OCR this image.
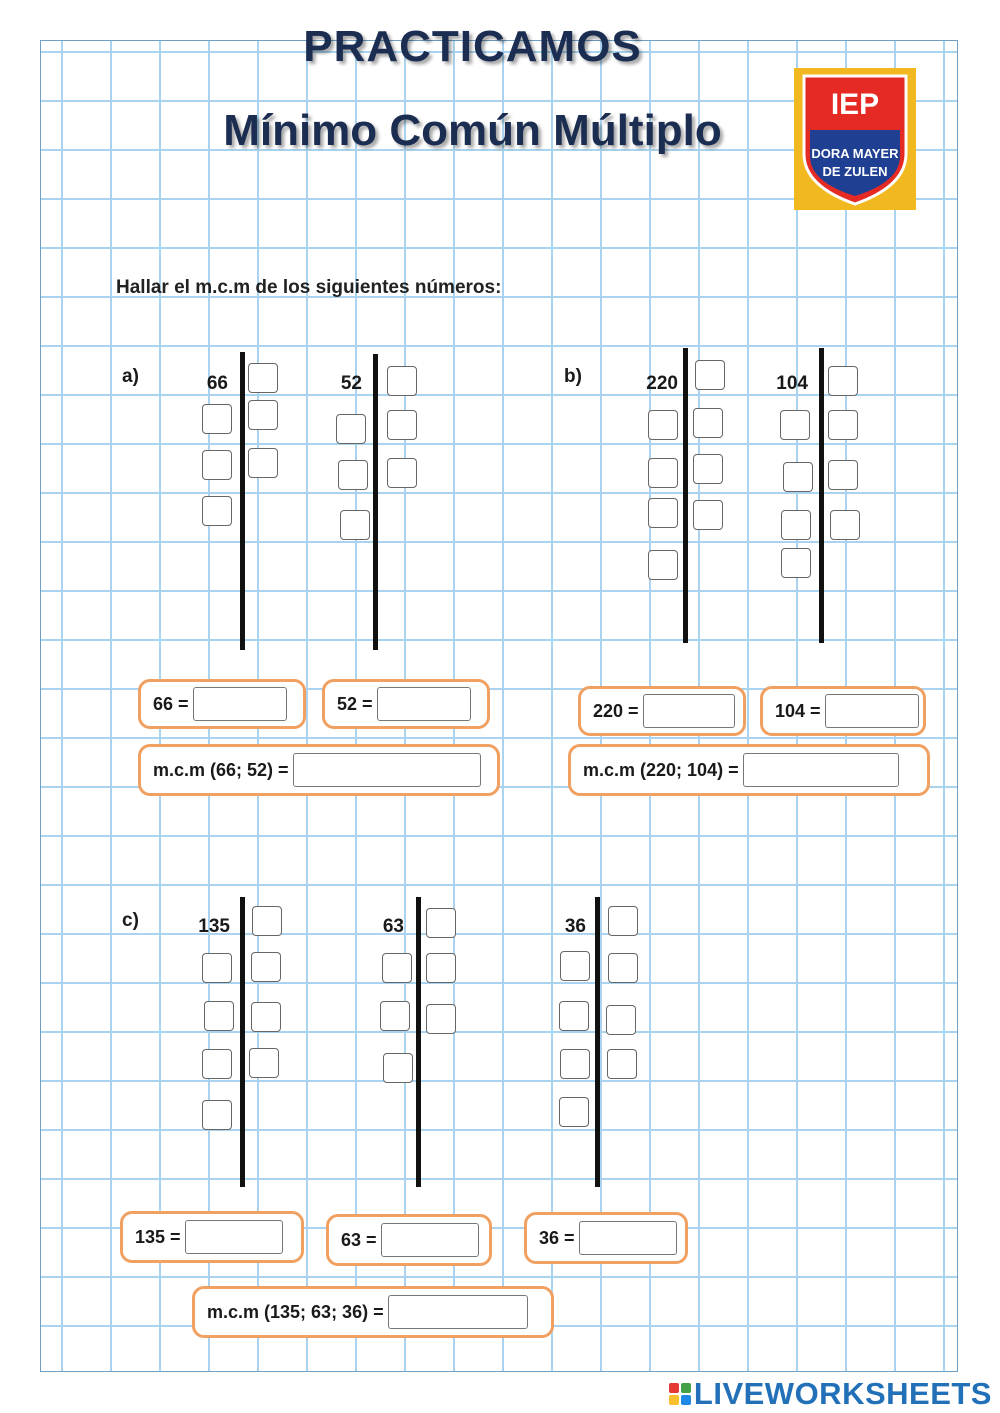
PRACTICAMOS
Mínimo Común Múltiplo
IEP
DORA MAYER
DE ZULEN
Hallar el m.c.m de los siguientes números:
a)	66	52
66 =	52 =
m.c.m (66; 52) =
b)	220	104
220 =	104 =
m.c.m (220; 104) =
c)	135	63	36
135 =	63 =	36 =
m.c.m (135; 63; 36) =
LIVEWORKSHEETS
